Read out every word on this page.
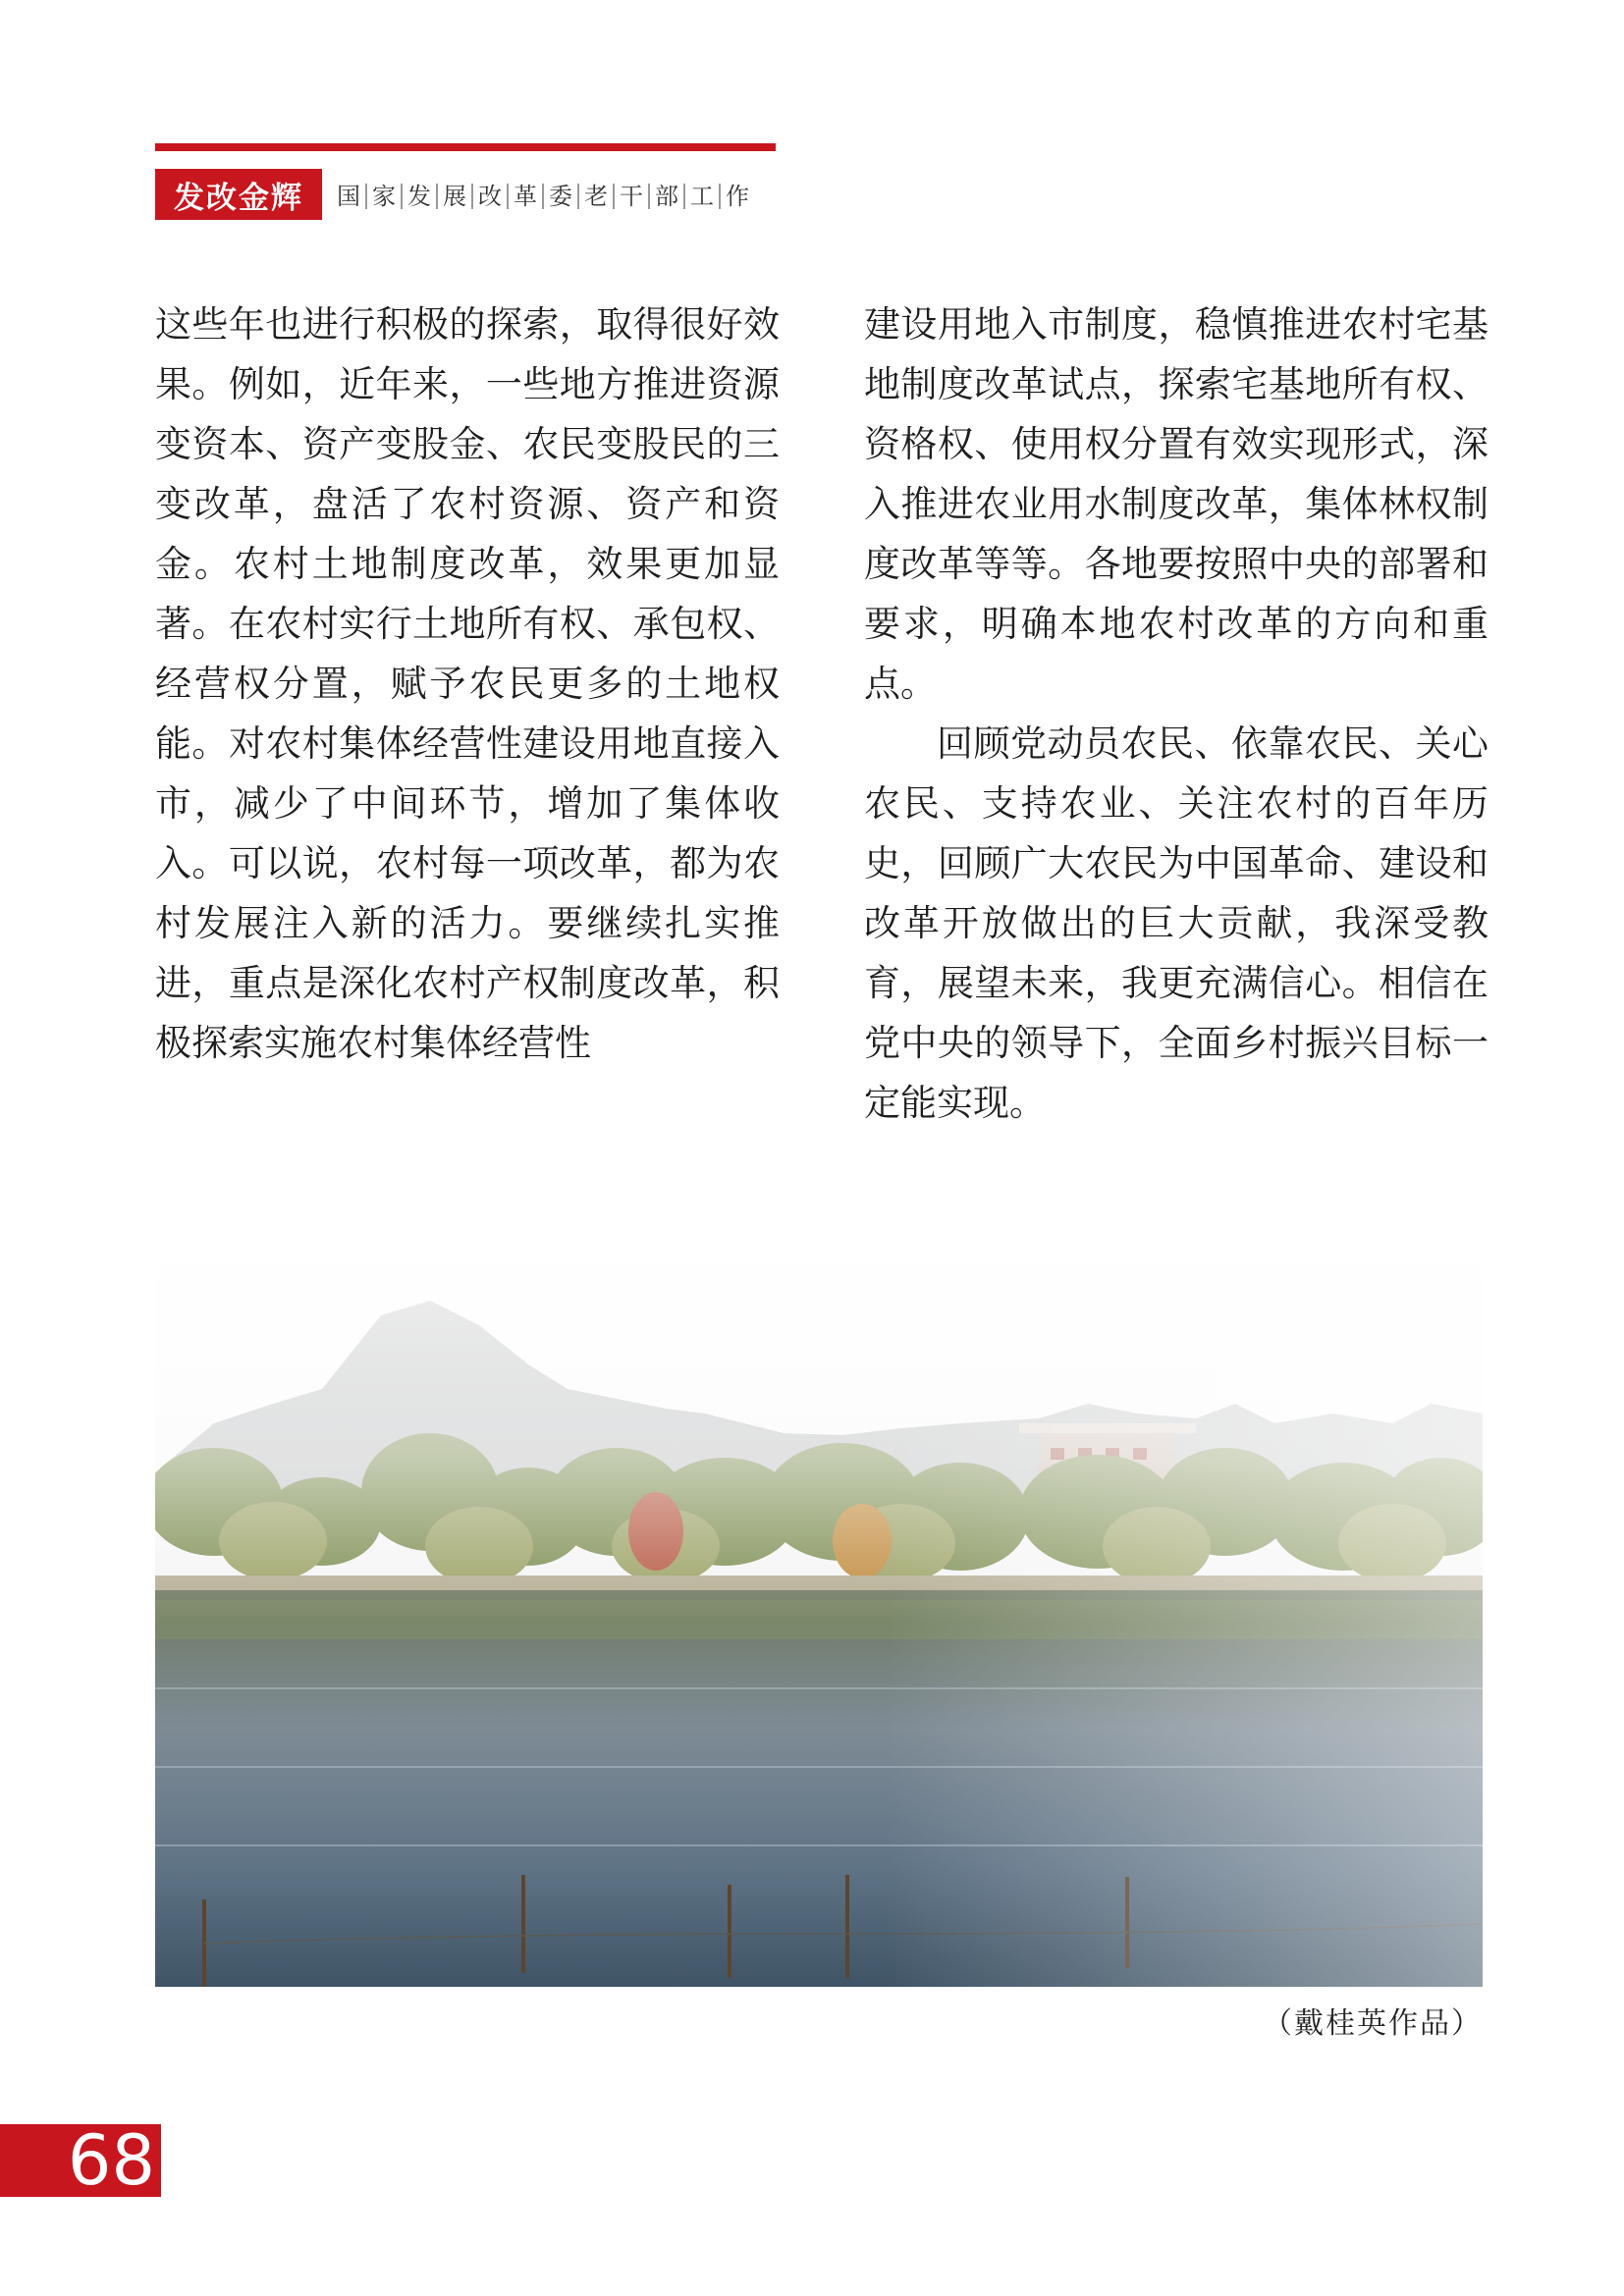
发改金辉	国 家 发 展 改 革 委 老 干 部 工 作

这些年也进行积极的探索，取得很好效果。例如，近年来，一些地方推进资源变资本、资产变股金、农民变股民的三变改革，盘活了农村资源、资产和资金。农村土地制度改革，效果更加显著。在农村实行土地所有权、承包权、经营权分置，赋予农民更多的土地权能。对农村集体经营性建设用地直接入市，减少了中间环节，增加了集体收入。可以说，农村每一项改革，都为农村发展注入新的活力。要继续扎实推进，重点是深化农村产权制度改革，积极探索实施农村集体经营性

建设用地入市制度，稳慎推进农村宅基地制度改革试点，探索宅基地所有权、资格权、使用权分置有效实现形式，深入推进农业用水制度改革，集体林权制度改革等等。各地要按照中央的部署和要求，明确本地农村改革的方向和重点。

回顾党动员农民、依靠农民、关心农民、支持农业、关注农村的百年历史，回顾广大农民为中国革命、建设和改革开放做出的巨大贡献，我深受教育，展望未来，我更充满信心。相信在党中央的领导下，全面乡村振兴目标一定能实现。

（戴桂英作品）
68
